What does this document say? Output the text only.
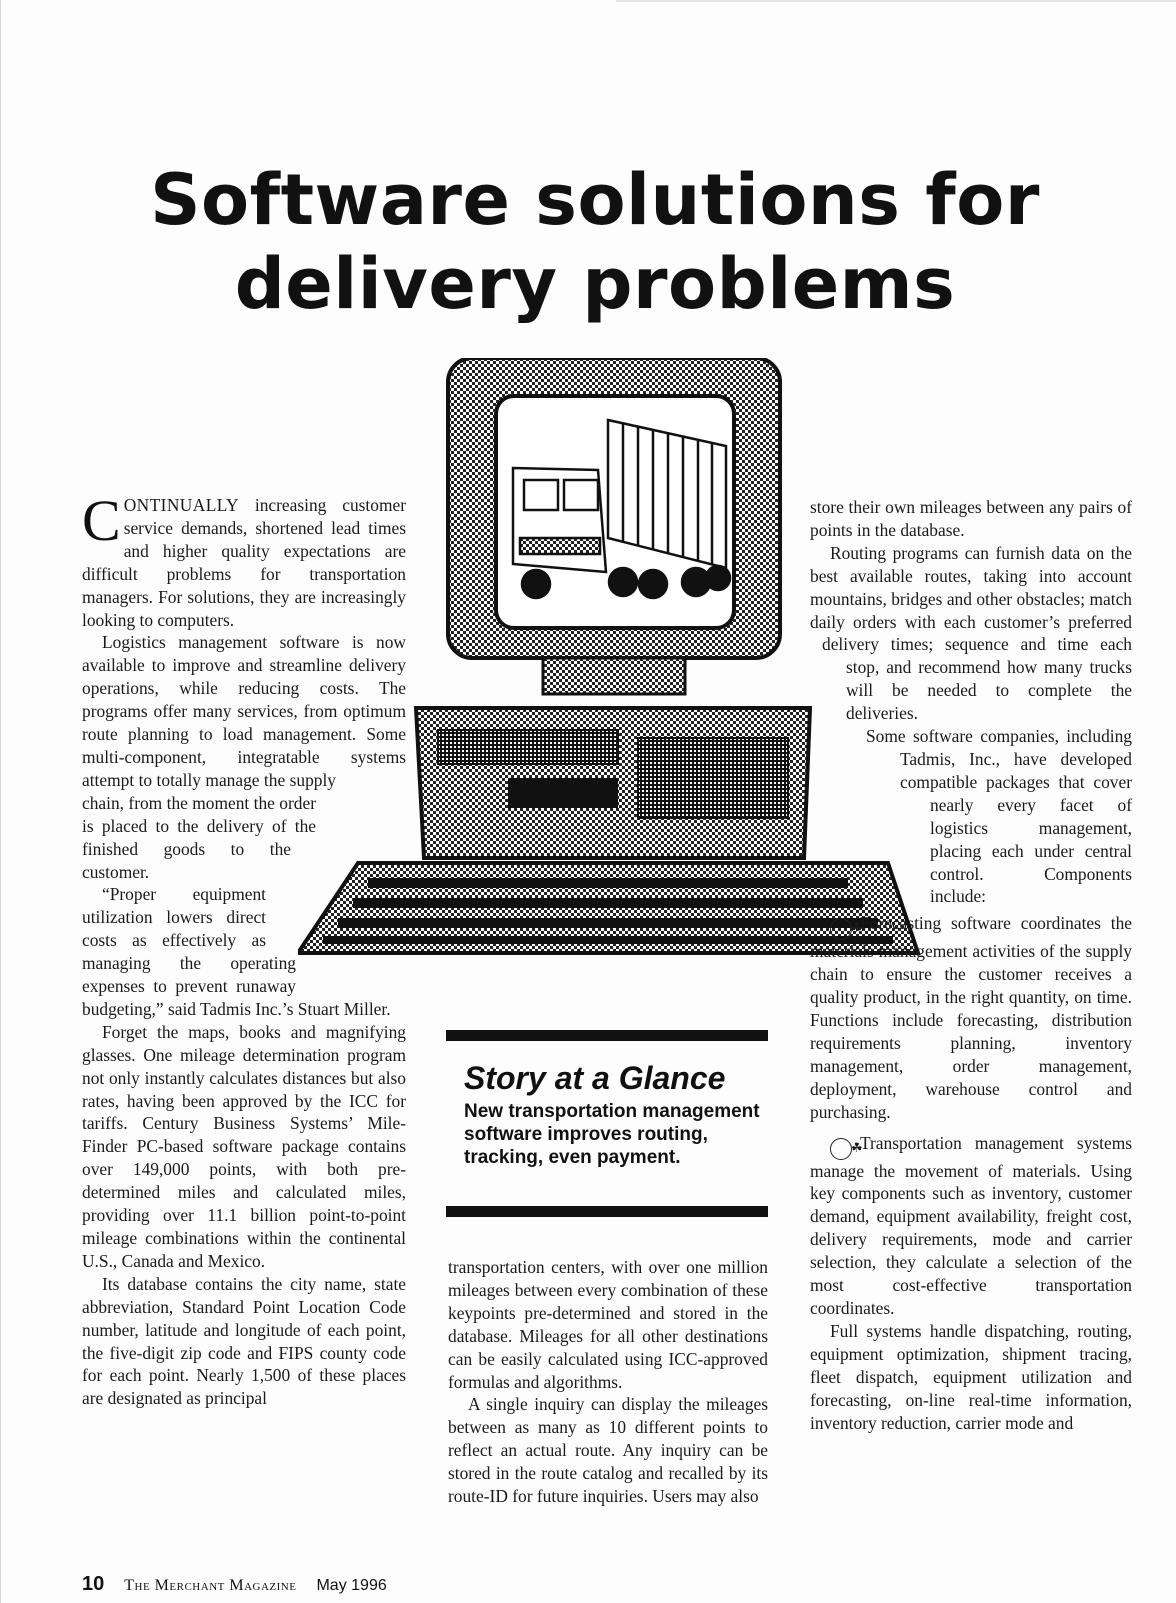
Software solutions for
delivery problems

CONTINUALLY increasing customer service demands, shortened lead times and higher quality expectations are difficult problems for transportation managers. For solutions, they are increasingly looking to computers.

Logistics management software is now available to improve and streamline delivery operations, while reducing costs. The programs offer many services, from optimum route planning to load management. Some multi-component, integratable systems attempt to totally manage the supply chain, from the moment the order is placed to the delivery of the finished goods to the customer.

“Proper equipment utilization lowers direct costs as effectively as managing the operating expenses to prevent runaway budgeting,” said Tadmis Inc.’s Stuart Miller.

Forget the maps, books and magnifying glasses. One mileage determination program not only instantly calculates distances but also rates, having been approved by the ICC for tariffs. Century Business Systems’ Mile-Finder PC-based software package contains over 149,000 points, with both pre-determined miles and calculated miles, providing over 11.1 billion point-to-point mileage combinations within the continental U.S., Canada and Mexico.

Its database contains the city name, state abbreviation, Standard Point Location Code number, latitude and longitude of each point, the five-digit zip code and FIPS county code for each point. Nearly 1,500 of these places are designated as principal

Story at a Glance

New transportation management software improves routing, tracking, even payment.

transportation centers, with over one million mileages between every combination of these keypoints pre-determined and stored in the database. Mileages for all other destinations can be easily calculated using ICC-approved formulas and algorithms.

A single inquiry can display the mileages between as many as 10 different points to reflect an actual route. Any inquiry can be stored in the route catalog and recalled by its route-ID for future inquiries. Users may also

store their own mileages between any pairs of points in the database.

Routing programs can furnish data on the best available routes, taking into account mountains, bridges and other obstacles; match daily orders with each customer’s preferred delivery times; sequence and time each stop, and recommend how many trucks will be needed to complete the deliveries.

Some software companies, including Tadmis, Inc., have developed compatible packages that cover nearly every facet of logistics management, placing each under central control. Components include:

☘Forecasting software coordinates the materials management activities of the supply chain to ensure the customer receives a quality product, in the right quantity, on time. Functions include forecasting, distribution requirements planning, inventory management, order management, deployment, warehouse control and purchasing.

☘Transportation management systems manage the movement of materials. Using key components such as inventory, customer demand, equipment availability, freight cost, delivery requirements, mode and carrier selection, they calculate a selection of the most cost-effective transportation coordinates.

Full systems handle dispatching, routing, equipment optimization, shipment tracing, fleet dispatch, equipment utilization and forecasting, on-line real-time information, inventory reduction, carrier mode and

10 The Merchant Magazine May 1996
